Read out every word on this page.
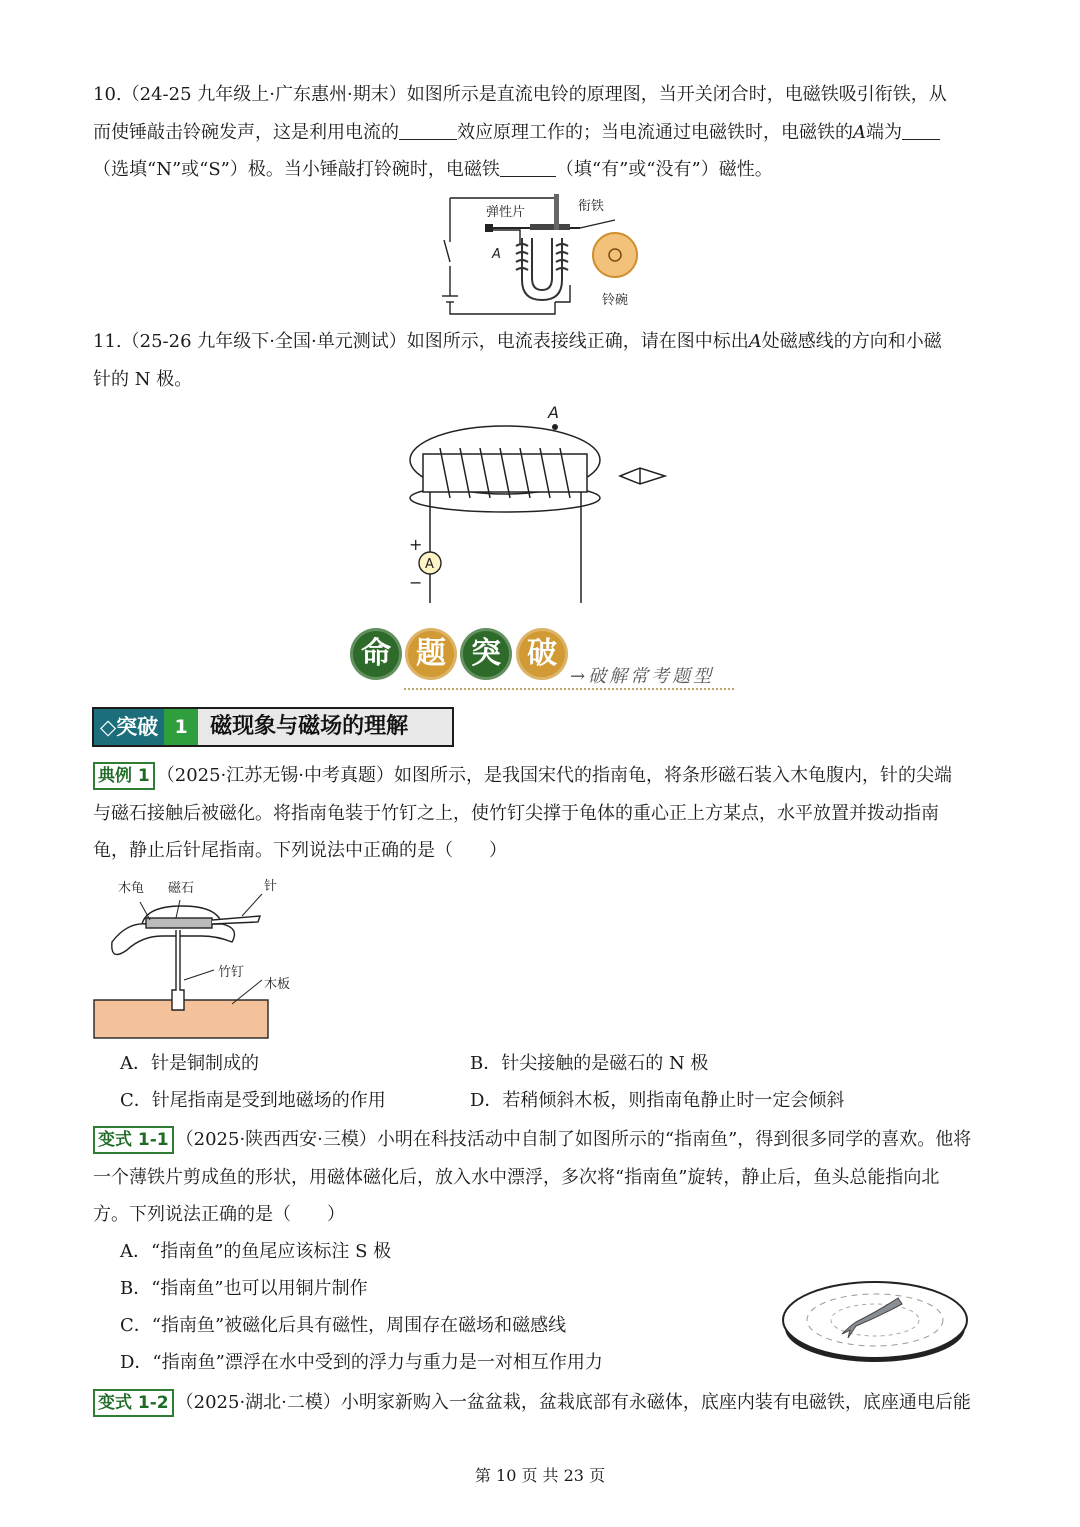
10.（24-25 九年级上·广东惠州·期末）如图所示是直流电铃的原理图，当开关闭合时，电磁铁吸引衔铁，从
而使锤敲击铃碗发声，这是利用电流的	效应原理工作的；当电流通过电磁铁时，电磁铁的A端为
（选填“N”或“S”）极。当小锤敲打铃碗时，电磁铁	（填“有”或“没有”）磁性。
弹性片	衔铁
A
铃碗
11.（25-26 九年级下·全国·单元测试）如图所示，电流表接线正确，请在图中标出A处磁感线的方向和小磁
针的 N 极。
A
A
+
−
命 题 突 破
→破解常考题型
◇突破 1	磁现象与磁场的理解
典例 1 （2025·江苏无锡·中考真题）如图所示，是我国宋代的指南龟，将条形磁石装入木龟腹内，针的尖端
与磁石接触后被磁化。将指南龟装于竹钉之上，使竹钉尖撑于龟体的重心正上方某点，水平放置并拨动指南
龟，静止后针尾指南。下列说法中正确的是（　　）
木龟 磁石	针
竹钉
木板
A．针是铜制成的	B．针尖接触的是磁石的 N 极
C．针尾指南是受到地磁场的作用	D．若稍倾斜木板，则指南龟静止时一定会倾斜
变式 1-1 （2025·陕西西安·三模）小明在科技活动中自制了如图所示的“指南鱼”，得到很多同学的喜欢。他将
一个薄铁片剪成鱼的形状，用磁体磁化后，放入水中漂浮，多次将“指南鱼”旋转，静止后，鱼头总能指向北
方。下列说法正确的是（　　）
A．“指南鱼”的鱼尾应该标注 S 极
B．“指南鱼”也可以用铜片制作
C．“指南鱼”被磁化后具有磁性，周围存在磁场和磁感线
D．“指南鱼”漂浮在水中受到的浮力与重力是一对相互作用力
变式 1-2 （2025·湖北·二模）小明家新购入一盆盆栽，盆栽底部有永磁体，底座内装有电磁铁，底座通电后能
第 10 页 共 23 页
